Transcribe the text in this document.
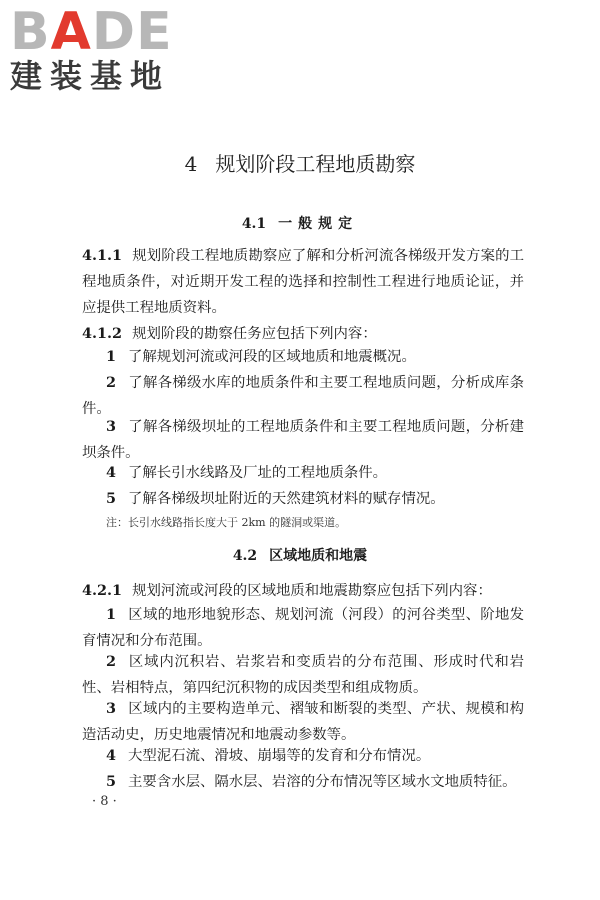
B A D E
建装基地
4 规划阶段工程地质勘察
4.1 一般规定
4.1.1 规划阶段工程地质勘察应了解和分析河流各梯级开发方案的工程地质条件，对近期开发工程的选择和控制性工程进行地质论证，并应提供工程地质资料。
4.1.2 规划阶段的勘察任务应包括下列内容：
1 了解规划河流或河段的区域地质和地震概况。
2 了解各梯级水库的地质条件和主要工程地质问题，分析成库条件。
3 了解各梯级坝址的工程地质条件和主要工程地质问题，分析建坝条件。
4 了解长引水线路及厂址的工程地质条件。
5 了解各梯级坝址附近的天然建筑材料的赋存情况。
注：长引水线路指长度大于 2km 的隧洞或渠道。
4.2 区域地质和地震
4.2.1 规划河流或河段的区域地质和地震勘察应包括下列内容：
1 区域的地形地貌形态、规划河流（河段）的河谷类型、阶地发育情况和分布范围。
2 区域内沉积岩、岩浆岩和变质岩的分布范围、形成时代和岩性、岩相特点，第四纪沉积物的成因类型和组成物质。
3 区域内的主要构造单元、褶皱和断裂的类型、产状、规模和构造活动史，历史地震情况和地震动参数等。
4 大型泥石流、滑坡、崩塌等的发育和分布情况。
5 主要含水层、隔水层、岩溶的分布情况等区域水文地质特征。
· 8 ·
